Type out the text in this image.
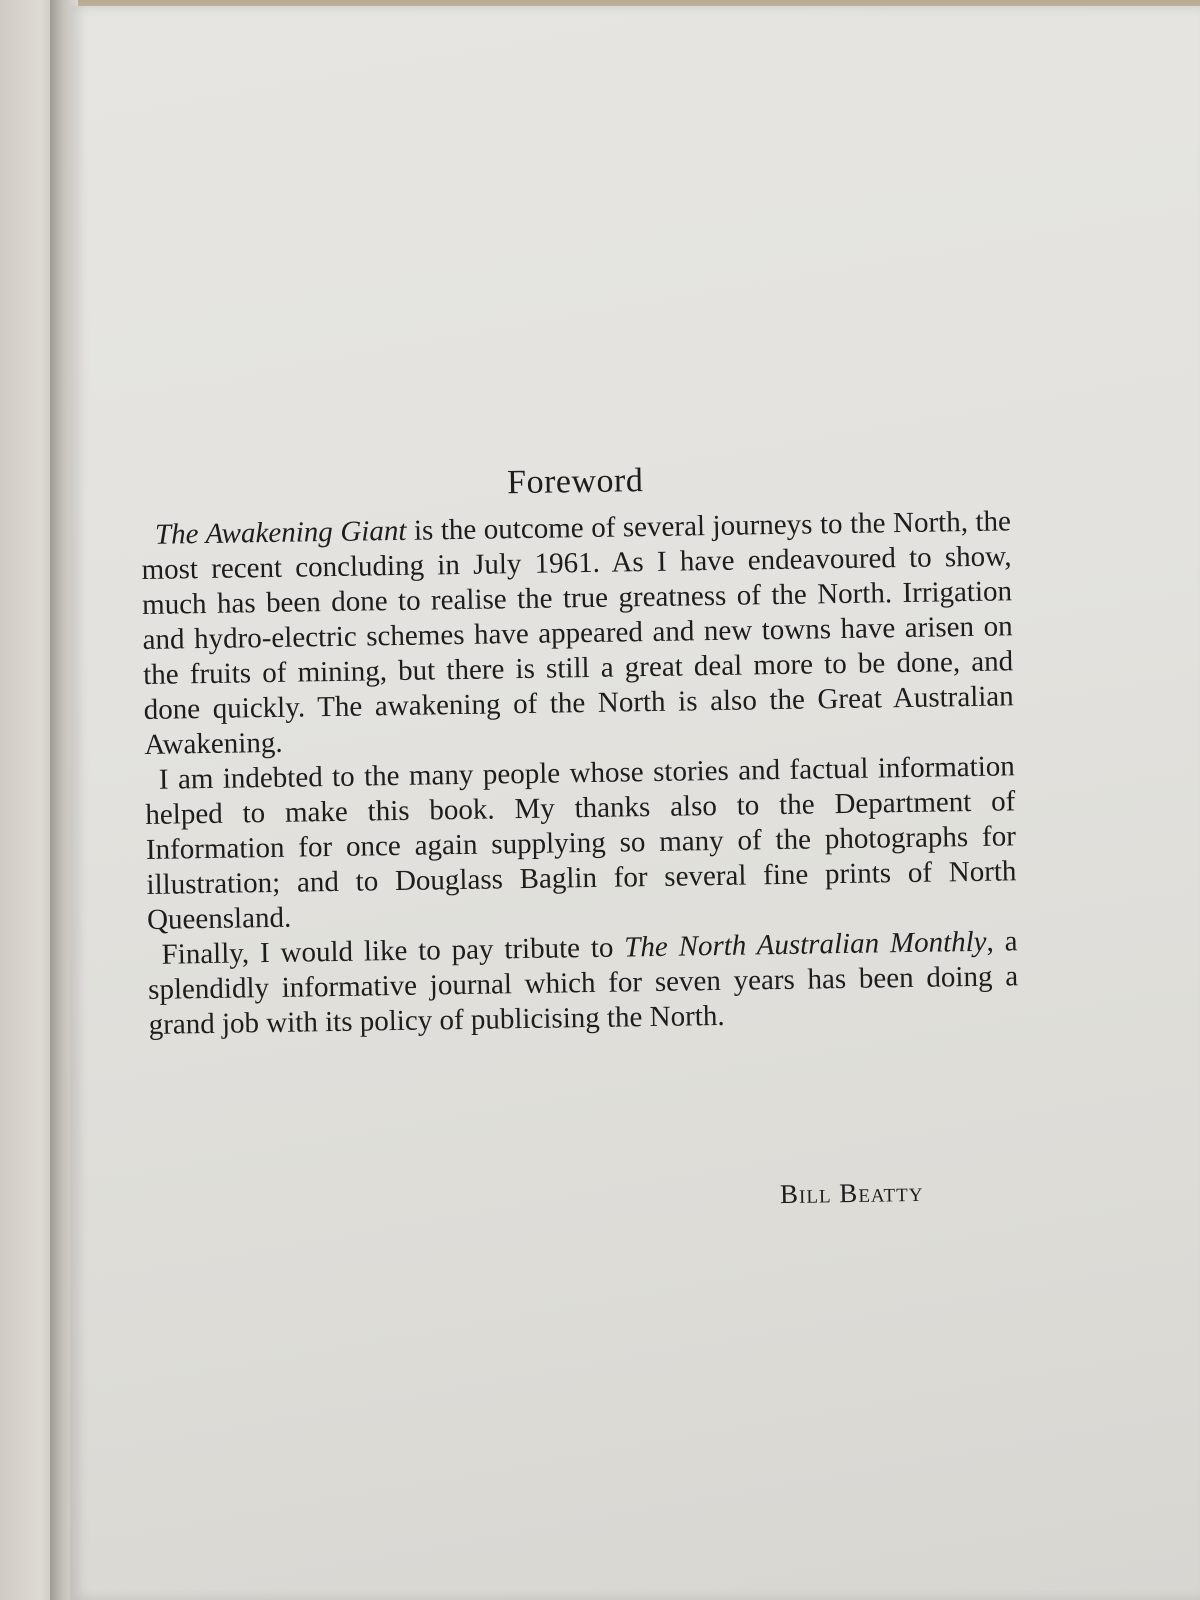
Foreword

The Awakening Giant is the outcome of several journeys to the North, the most recent concluding in July 1961. As I have endeavoured to show, much has been done to realise the true greatness of the North. Irrigation and hydro-electric schemes have appeared and new towns have arisen on the fruits of mining, but there is still a great deal more to be done, and done quickly. The awakening of the North is also the Great Australian Awakening.

I am indebted to the many people whose stories and factual information helped to make this book. My thanks also to the Department of Information for once again supplying so many of the photographs for illustration; and to Douglass Baglin for several fine prints of North Queensland.

Finally, I would like to pay tribute to The North Australian Monthly, a splendidly informative journal which for seven years has been doing a grand job with its policy of publicising the North.

Bill Beatty
